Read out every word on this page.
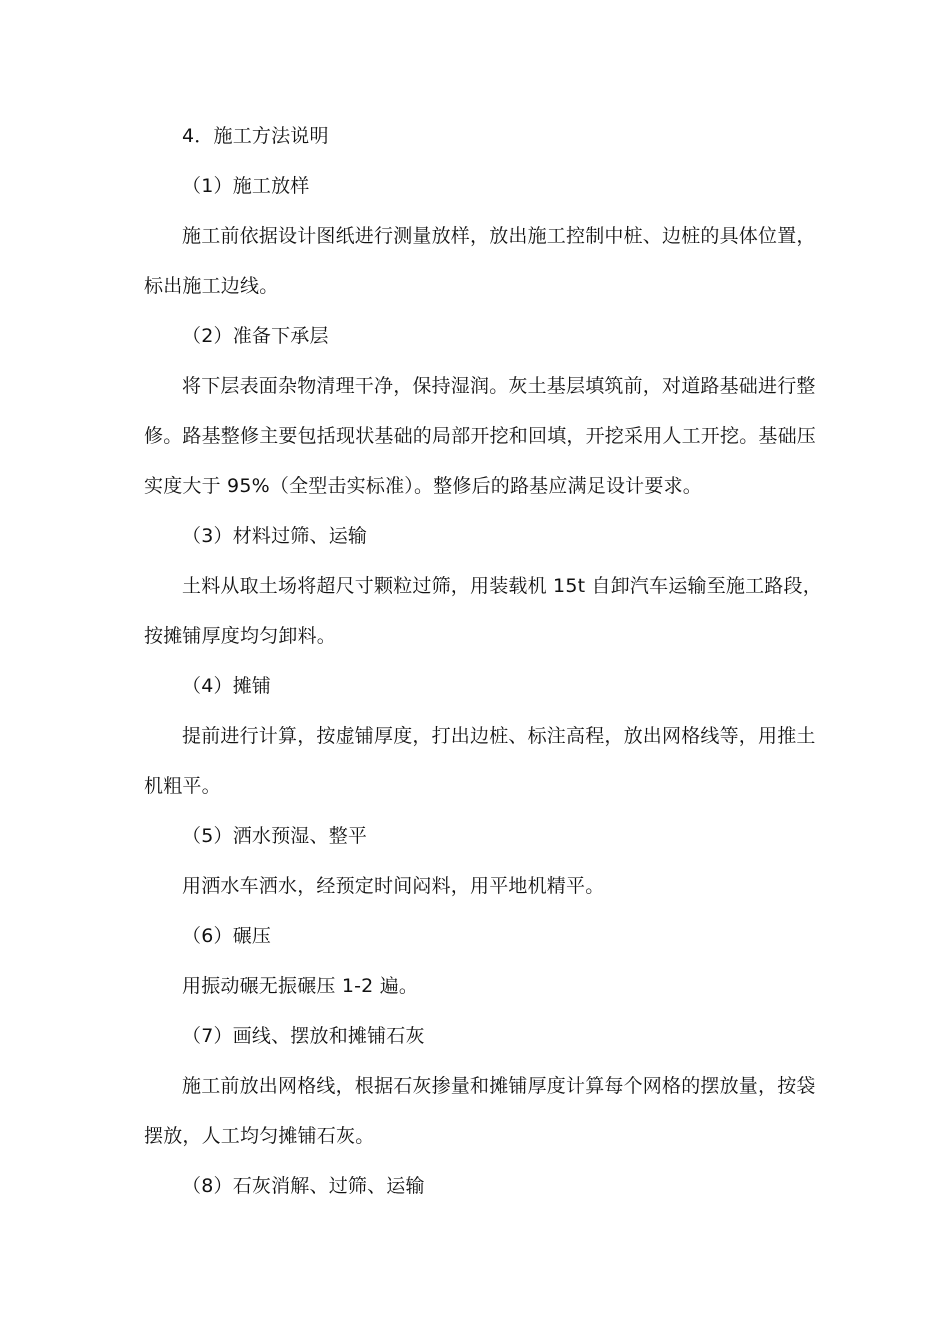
4．施工方法说明
（1）施工放样
施工前依据设计图纸进行测量放样，放出施工控制中桩、边桩的具体位置，
标出施工边线。
（2）准备下承层
将下层表面杂物清理干净，保持湿润。灰土基层填筑前，对道路基础进行整
修。路基整修主要包括现状基础的局部开挖和回填，开挖采用人工开挖。基础压
实度大于 95%（全型击实标准）。整修后的路基应满足设计要求。
（3）材料过筛、运输
土料从取土场将超尺寸颗粒过筛，用装载机 15t 自卸汽车运输至施工路段，
按摊铺厚度均匀卸料。
（4）摊铺
提前进行计算，按虚铺厚度，打出边桩、标注高程，放出网格线等，用推土
机粗平。
（5）洒水预湿、整平
用洒水车洒水，经预定时间闷料，用平地机精平。
（6）碾压
用振动碾无振碾压 1-2 遍。
（7）画线、摆放和摊铺石灰
施工前放出网格线，根据石灰掺量和摊铺厚度计算每个网格的摆放量，按袋
摆放，人工均匀摊铺石灰。
（8）石灰消解、过筛、运输
